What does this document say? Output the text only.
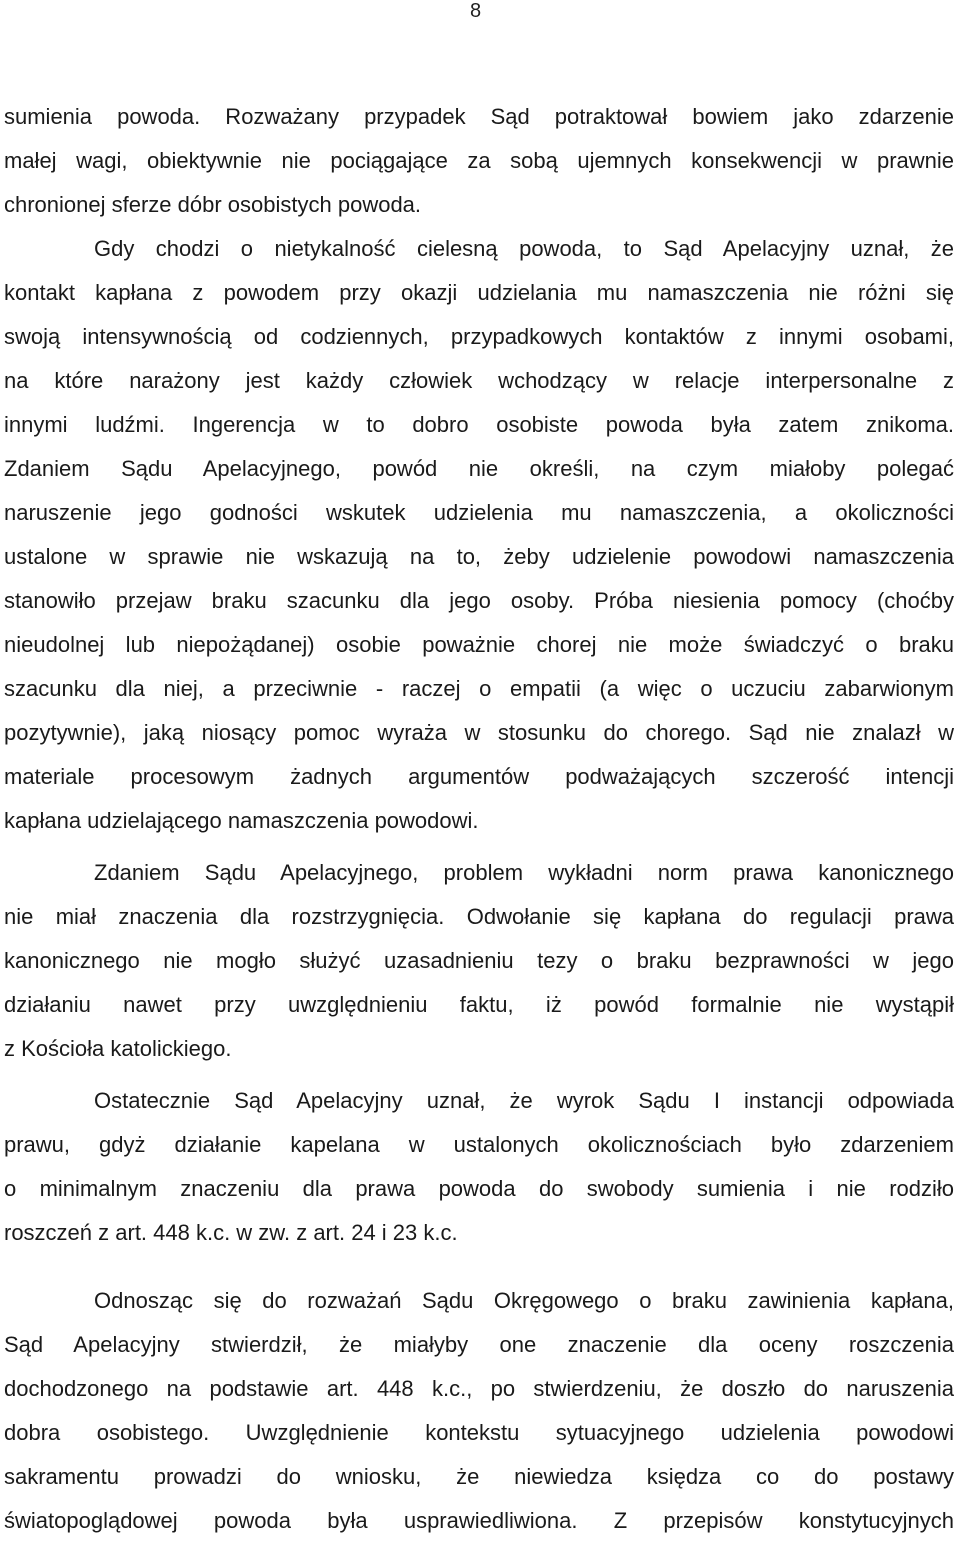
8
sumienia powoda. Rozważany przypadek Sąd potraktował bowiem jako zdarzenie
małej wagi, obiektywnie nie pociągające za sobą ujemnych konsekwencji w prawnie
chronionej sferze dóbr osobistych powoda.
Gdy chodzi o nietykalność cielesną powoda, to Sąd Apelacyjny uznał, że
kontakt kapłana z powodem przy okazji udzielania mu namaszczenia nie różni się
swoją intensywnością od codziennych, przypadkowych kontaktów z innymi osobami,
na które narażony jest każdy człowiek wchodzący w relacje interpersonalne z
innymi ludźmi. Ingerencja w to dobro osobiste powoda była zatem znikoma.
Zdaniem Sądu Apelacyjnego, powód nie określi, na czym miałoby polegać
naruszenie jego godności wskutek udzielenia mu namaszczenia, a okoliczności
ustalone w sprawie nie wskazują na to, żeby udzielenie powodowi namaszczenia
stanowiło przejaw braku szacunku dla jego osoby. Próba niesienia pomocy (choćby
nieudolnej lub niepożądanej) osobie poważnie chorej nie może świadczyć o braku
szacunku dla niej, a przeciwnie - raczej o empatii (a więc o uczuciu zabarwionym
pozytywnie), jaką niosący pomoc wyraża w stosunku do chorego. Sąd nie znalazł w
materiale procesowym żadnych argumentów podważających szczerość intencji
kapłana udzielającego namaszczenia powodowi.
Zdaniem Sądu Apelacyjnego, problem wykładni norm prawa kanonicznego
nie miał znaczenia dla rozstrzygnięcia. Odwołanie się kapłana do regulacji prawa
kanonicznego nie mogło służyć uzasadnieniu tezy o braku bezprawności w jego
działaniu nawet przy uwzględnieniu faktu, iż powód formalnie nie wystąpił
z Kościoła katolickiego.
Ostatecznie Sąd Apelacyjny uznał, że wyrok Sądu I instancji odpowiada
prawu, gdyż działanie kapelana w ustalonych okolicznościach było zdarzeniem
o minimalnym znaczeniu dla prawa powoda do swobody sumienia i nie rodziło
roszczeń z art. 448 k.c. w zw. z art. 24 i 23 k.c.
Odnosząc się do rozważań Sądu Okręgowego o braku zawinienia kapłana,
Sąd Apelacyjny stwierdził, że miałyby one znaczenie dla oceny roszczenia
dochodzonego na podstawie art. 448 k.c., po stwierdzeniu, że doszło do naruszenia
dobra osobistego. Uwzględnienie kontekstu sytuacyjnego udzielenia powodowi
sakramentu prowadzi do wniosku, że niewiedza księdza co do postawy
światopoglądowej powoda była usprawiedliwiona. Z przepisów konstytucyjnych
